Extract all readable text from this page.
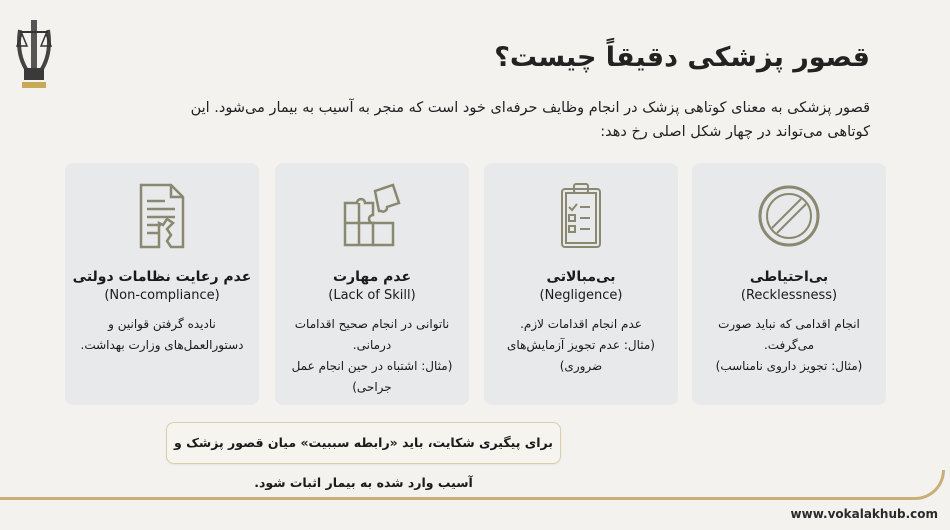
قصور پزشکی دقیقاً چیست؟
قصور پزشکی به معنای کوتاهی پزشک در انجام وظایف حرفه‌ای خود است که منجر به آسیب به بیمار می‌شود. این کوتاهی می‌تواند در چهار شکل اصلی رخ دهد:
بی‌احتیاطی
(Recklessness)
انجام اقدامی که نباید صورت می‌گرفت.
(مثال: تجویز داروی نامناسب)
بی‌مبالاتی
(Negligence)
عدم انجام اقدامات لازم.
(مثال: عدم تجویز آزمایش‌های ضروری)
عدم مهارت
(Lack of Skill)
ناتوانی در انجام صحیح اقدامات درمانی.
(مثال: اشتباه در حین انجام عمل جراحی)
عدم رعایت نظامات دولتی
(Non-compliance)
نادیده گرفتن قوانین و دستورالعمل‌های وزارت بهداشت.
برای پیگیری شکایت، باید «رابطه سببیت» میان قصور پزشک و آسیب وارد شده به بیمار اثبات شود.
www.vokalakhub.com
